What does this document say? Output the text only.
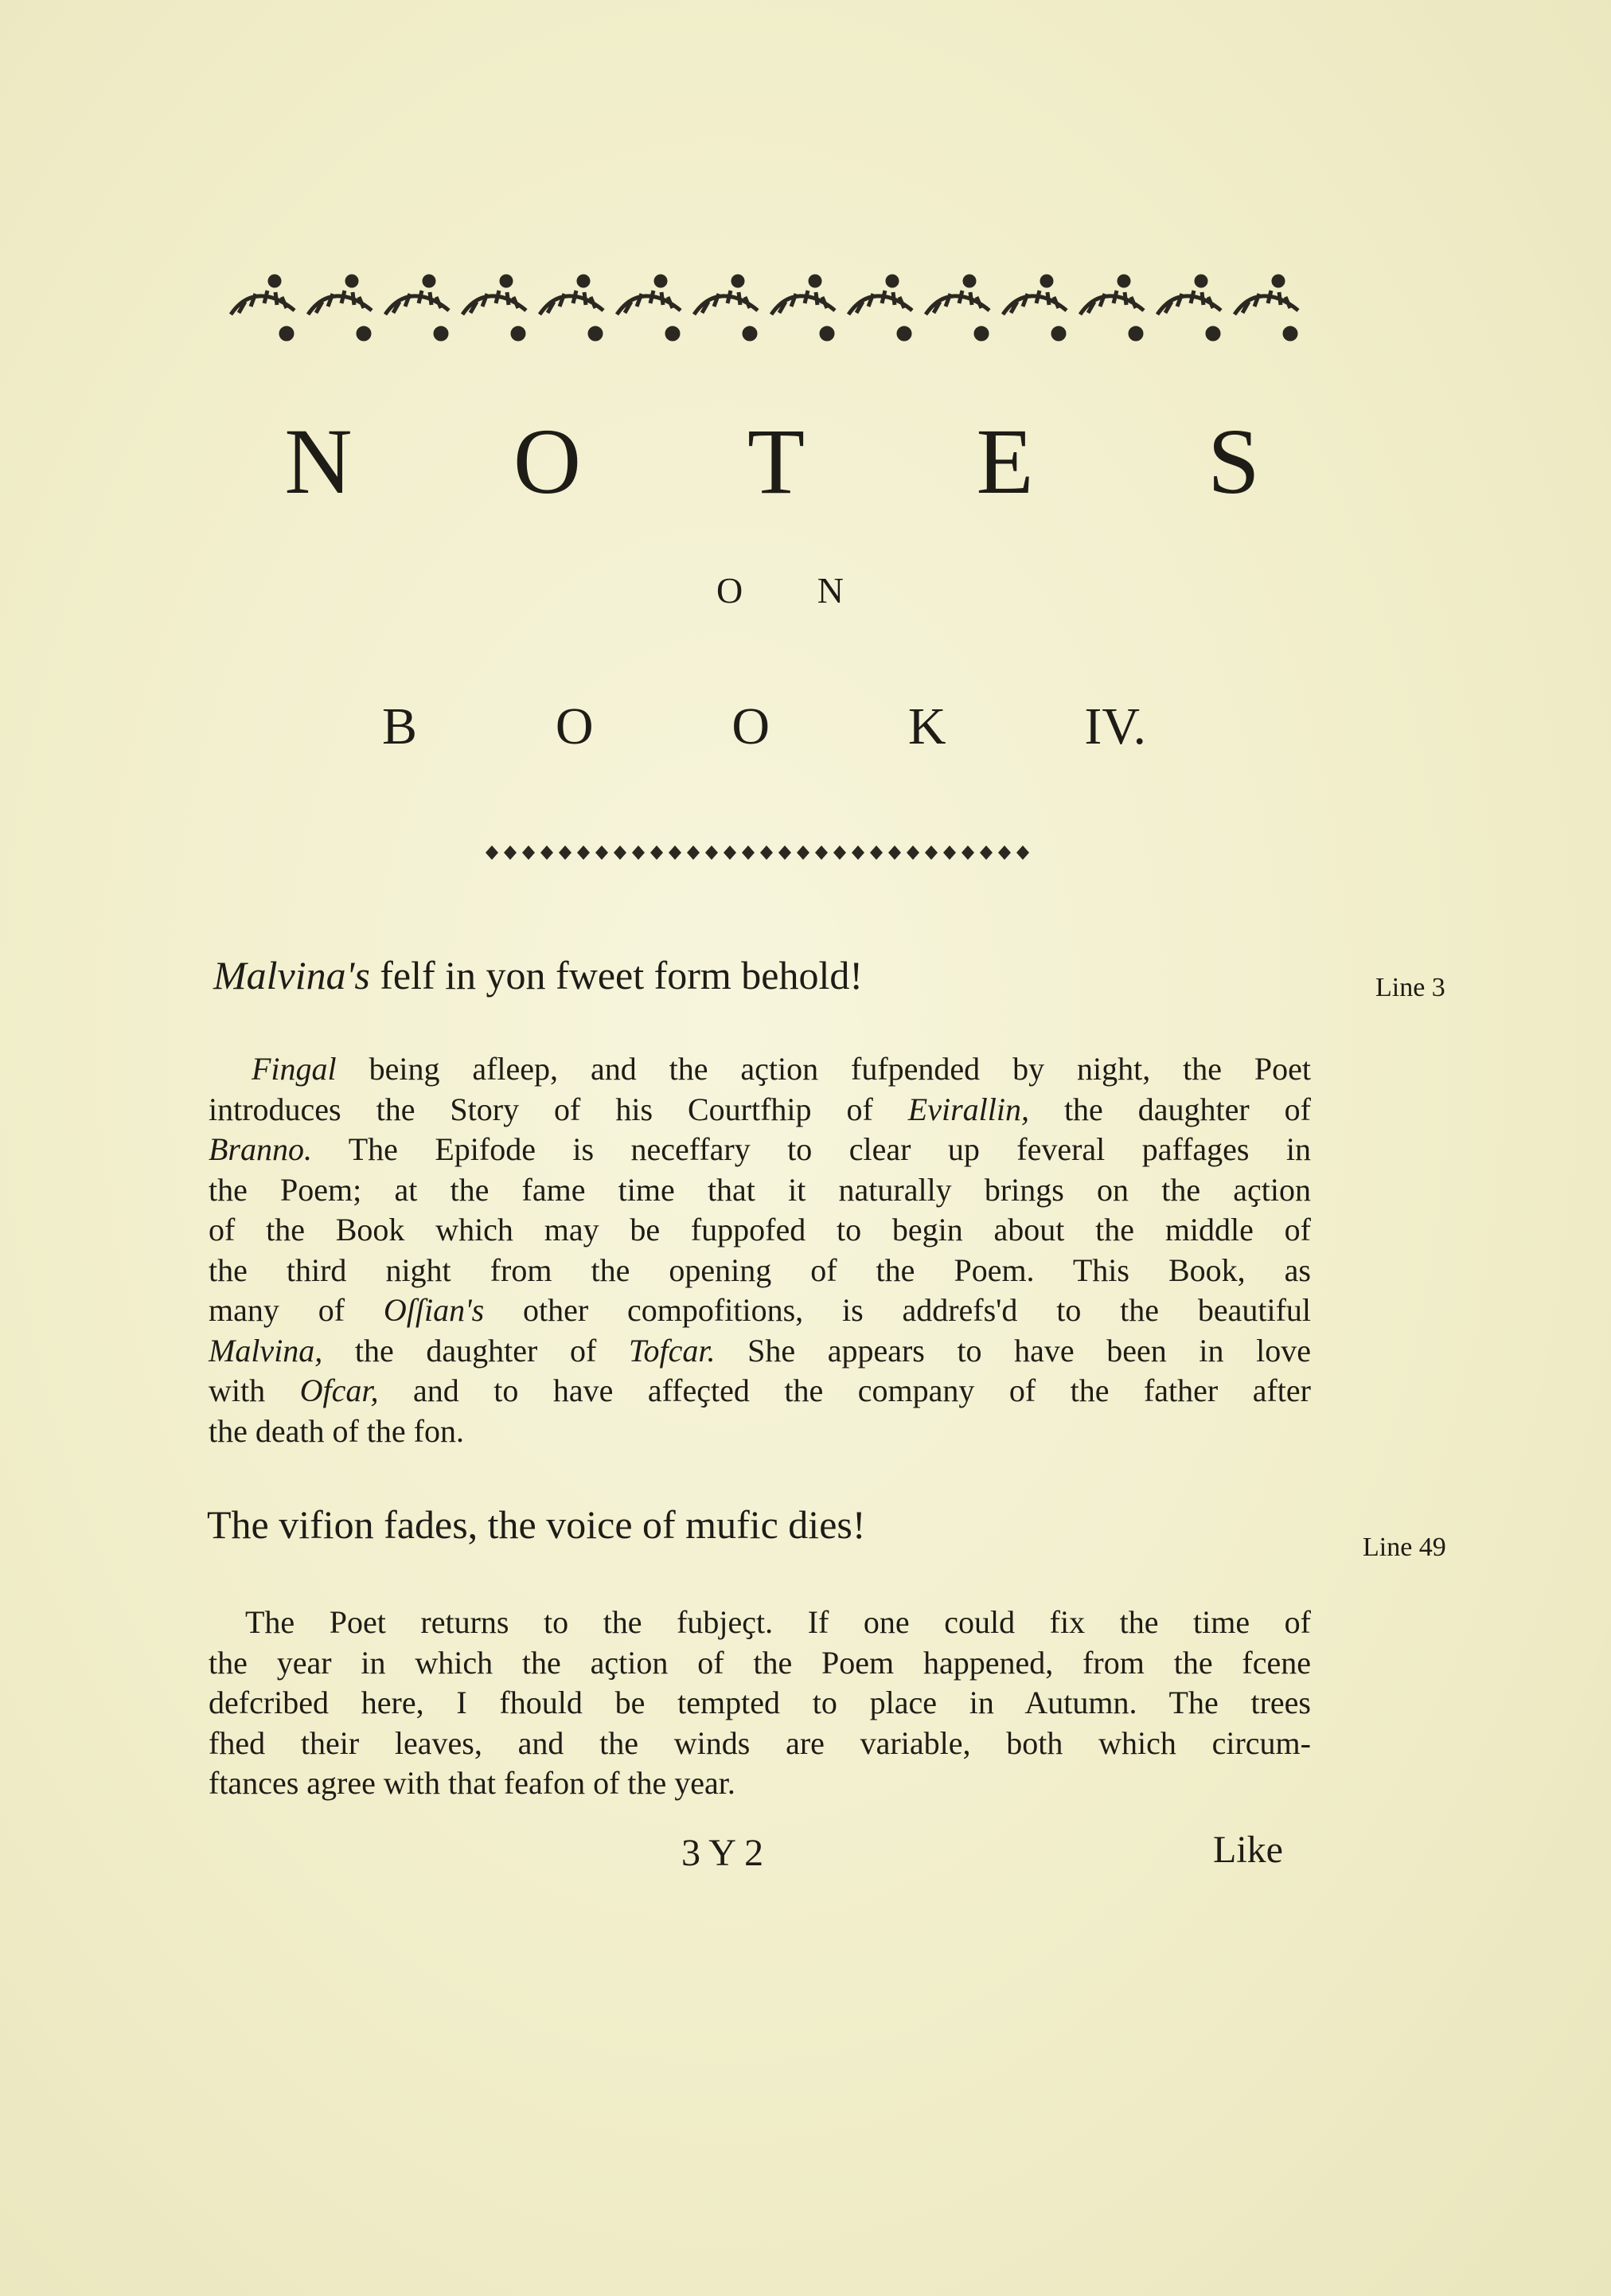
N O T E	S
O N
B	O	O	K	IV.
Malvina's felf in yon fweet form behold!	Line 3
Fingal being afleep, and the aҫtion fufpended by night, the Poet
introduces the Story of his Courtfhip of Evirallin, the daughter of
Branno. The Epifode is neceffary to clear up feveral paffages in
the Poem; at the fame time that it naturally brings on the aҫtion
of the Book which may be fuppofed to begin about the middle of
the third night from the opening of the Poem. This Book, as
many of Oſſian's other compofitions, is addrefs'd to the beautiful
Malvina, the daughter of Tofcar. She appears to have been in love
with Ofcar, and to have affeҫted the company of the father after
the death of the fon.
The vifion fades, the voice of mufic dies!
Line 49
The Poet returns to the fubjeҫt. If one could fix the time of
the year in which the aҫtion of the Poem happened, from the fcene
defcribed here, I fhould be tempted to place in Autumn. The trees
fhed their leaves, and the winds are variable, both which circum-
ftances agree with that feafon of the year.
3 Y 2	Like
